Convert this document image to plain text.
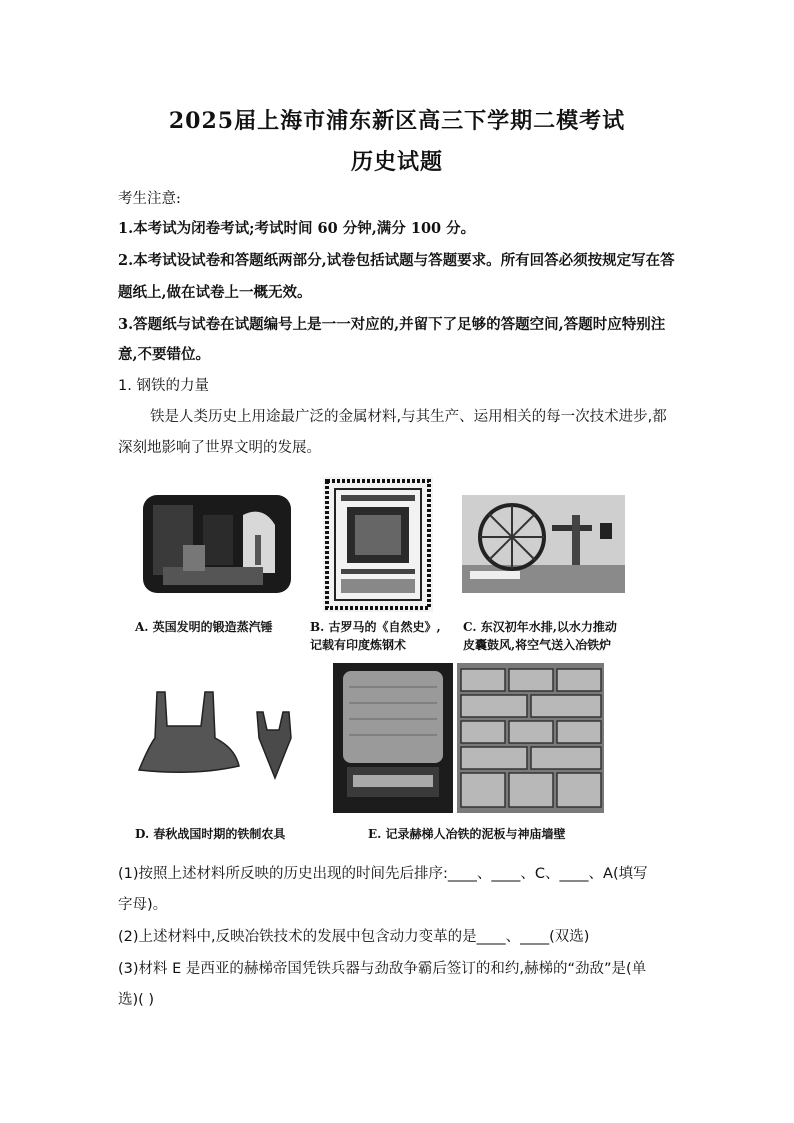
2025届上海市浦东新区高三下学期二模考试
历史试题
考生注意:
1.本考试为闭卷考试;考试时间 60 分钟,满分 100 分。
2.本考试设试卷和答题纸两部分,试卷包括试题与答题要求。所有回答必须按规定写在答
题纸上,做在试卷上一概无效。
3.答题纸与试卷在试题编号上是一一对应的,并留下了足够的答题空间,答题时应特别注
意,不要错位。
1. 钢铁的力量
铁是人类历史上用途最广泛的金属材料,与其生产、运用相关的每一次技术进步,都
深刻地影响了世界文明的发展。
A. 英国发明的锻造蒸汽锤	B. 古罗马的《自然史》,
记载有印度炼钢术
C. 东汉初年水排,以水力推动
皮囊鼓风,将空气送入冶铁炉
D. 春秋战国时期的铁制农具	E. 记录赫梯人冶铁的泥板与神庙墙壁
(1)按照上述材料所反映的历史出现的时间先后排序:____、____、C、____、A(填写
字母)。
(2)上述材料中,反映冶铁技术的发展中包含动力变革的是____、____(双选)
(3)材料 E 是西亚的赫梯帝国凭铁兵器与劲敌争霸后签订的和约,赫梯的“劲敌”是(单
选)( )
